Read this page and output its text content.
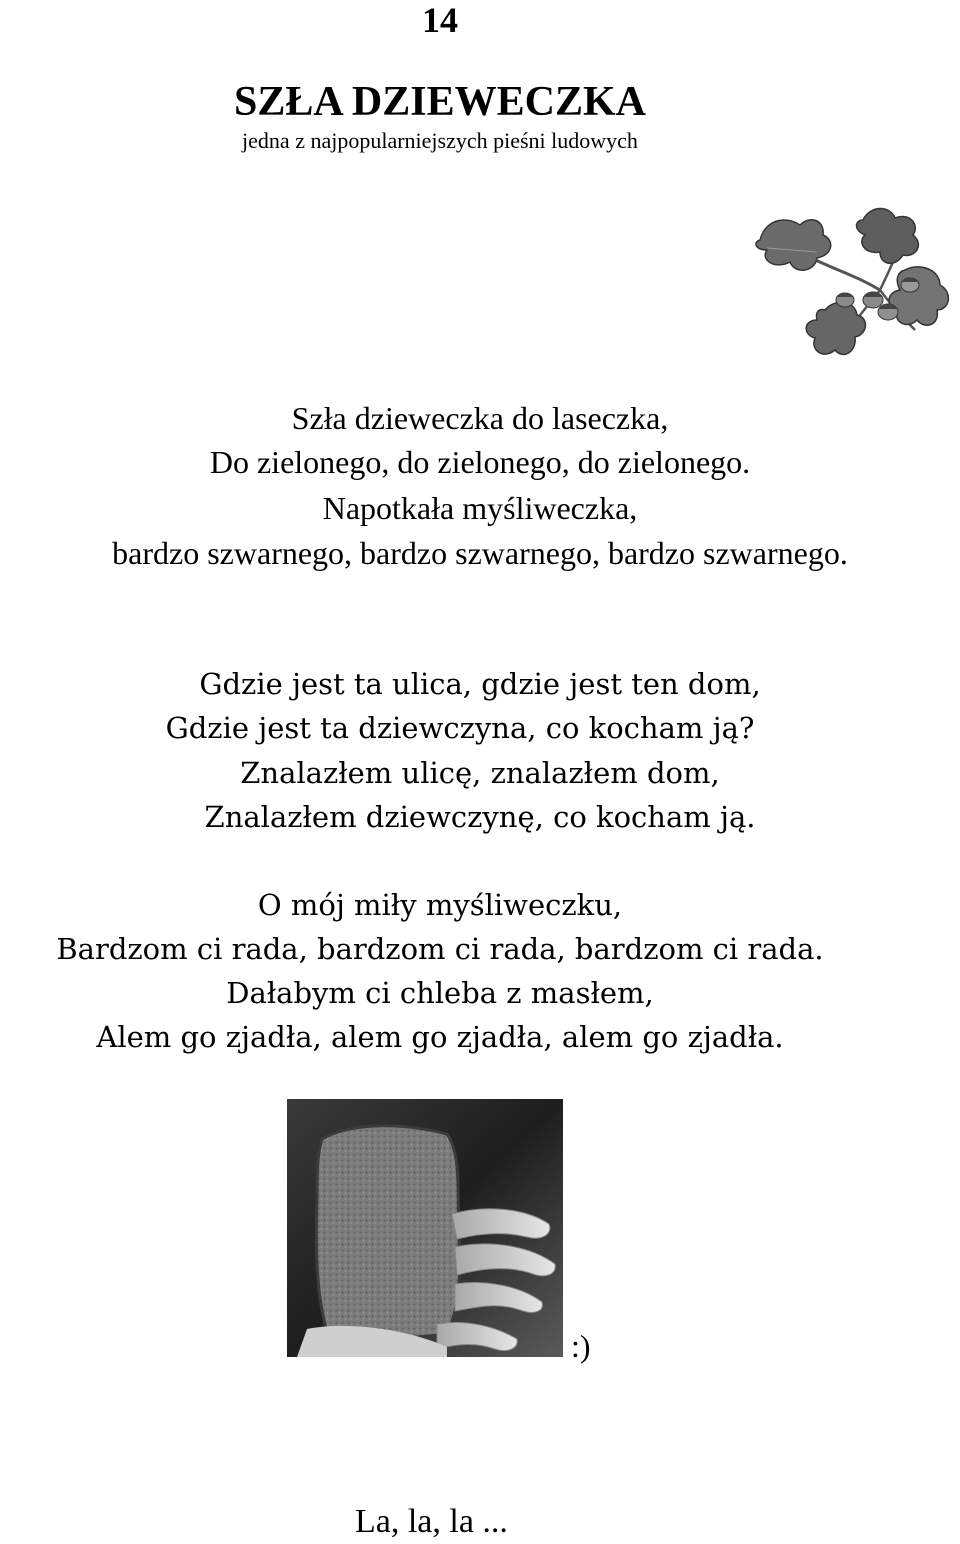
14
SZŁA DZIEWECZKA
jedna z najpopularniejszych pieśni ludowych
Szła dzieweczka do laseczka,
Do zielonego, do zielonego, do zielonego.
Napotkała myśliweczka,
bardzo szwarnego, bardzo szwarnego, bardzo szwarnego.
Gdzie jest ta ulica, gdzie jest ten dom,
Gdzie jest ta dziewczyna, co kocham ją?
Znalazłem ulicę, znalazłem dom,
Znalazłem dziewczynę, co kocham ją.
O mój miły myśliweczku,
Bardzom ci rada, bardzom ci rada, bardzom ci rada.
Dałabym ci chleba z masłem,
Alem go zjadła, alem go zjadła, alem go zjadła.
:)
La, la, la ...
